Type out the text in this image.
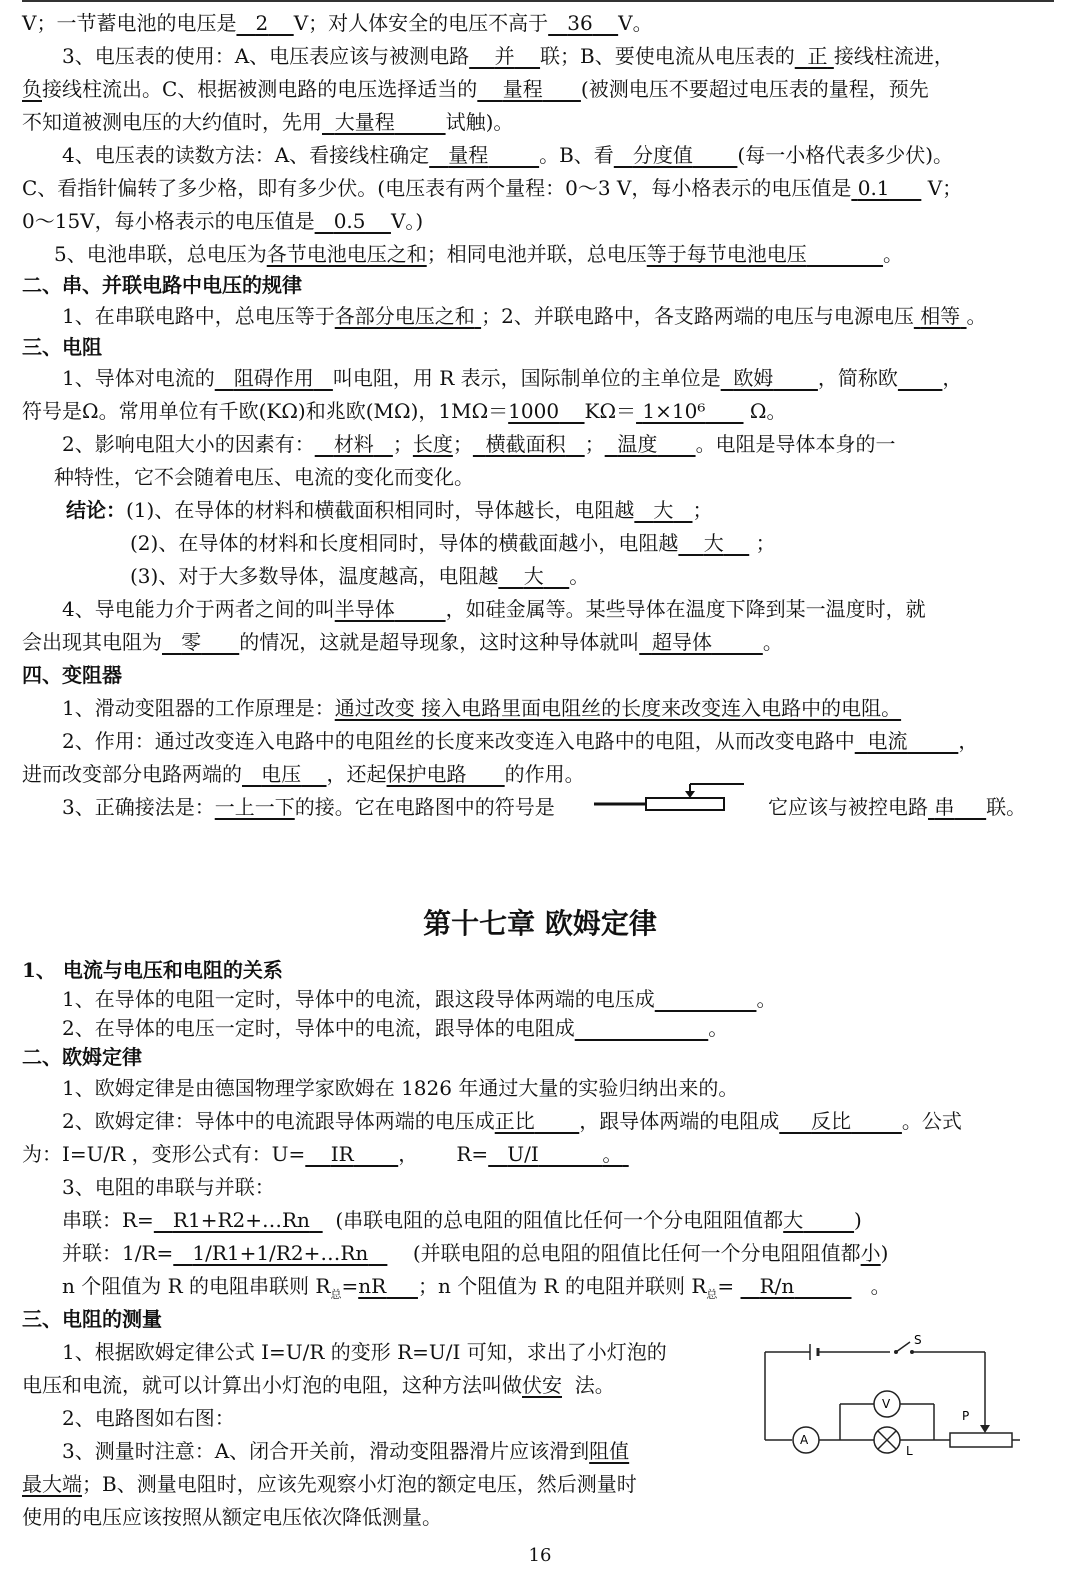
V；一节蓄电池的电压是 2 V；对人体安全的电压不高于 36 V。
3、电压表的使用：A、电压表应该与被测电路 并 联；B、要使电流从电压表的 正 接线柱流进，
负接线柱流出。C、根据被测电路的电压选择适当的 量程 (被测电压不要超过电压表的量程，预先
不知道被测电压的大约值时，先用 大量程	试触)。
4、电压表的读数方法：A、看接线柱确定 量程	。B、看 分度值 (每一小格代表多少伏)。
C、看指针偏转了多少格，即有多少伏。(电压表有两个量程：0～3 V，每小格表示的电压值是 0.1 V；
0～15V，每小格表示的电压值是 0.5 V。)
5、电池串联，总电压为各节电池电压之和；相同电池并联，总电压等于每节电池电压	。
二、串、并联电路中电压的规律
1、在串联电路中，总电压等于各部分电压之和 ；2、并联电路中，各支路两端的电压与电源电压 相等 。
三、电阻
1、导体对电流的 阻碍作用 叫电阻，用 R 表示，国际制单位的主单位是 欧姆 ，简称欧 ，
符号是Ω。常用单位有千欧(KΩ)和兆欧(MΩ)，1MΩ＝1000 KΩ＝ 1×10⁶ Ω。
2、影响电阻大小的因素有： 材料 ；长度； 横截面积 ； 温度 。电阻是导体本身的一
种特性，它不会随着电压、电流的变化而变化。
结论：(1)、在导体的材料和横截面积相同时，导体越长，电阻越 大 ；
(2)、在导体的材料和长度相同时，导体的横截面越小，电阻越 大 ；
(3)、对于大多数导体，温度越高，电阻越 大 。
4、导电能力介于两者之间的叫半导体	，如硅金属等。某些导体在温度下降到某一温度时，就
会出现其电阻为 零 的情况，这就是超导现象，这时这种导体就叫 超导体	。
四、变阻器
1、滑动变阻器的工作原理是：通过改变 接入电路里面电阻丝的长度来改变连入电路中的电阻。
2、作用：通过改变连入电路中的电阻丝的长度来改变连入电路中的电阻，从而改变电路中 电流	，
进而改变部分电路两端的 电压 ，还起保护电路 的作用。
3、正确接法是：一上一下的接。它在电路图中的符号是	它应该与被控电路 串 联。
第十七章 欧姆定律
1、 电流与电压和电阻的关系
1、在导体的电阻一定时，导体中的电流，跟这段导体两端的电压成	。
2、在导体的电压一定时，导体中的电流，跟导体的电阻成	。
二、欧姆定律
1、欧姆定律是由德国物理学家欧姆在 1826 年通过大量的实验归纳出来的。
2、欧姆定律：导体中的电流跟导体两端的电压成正比 ，跟导体两端的电阻成 反比	。公式
为：I=U/R ，变形公式有：U= IR ， R= U/I	。
3、电阻的串联与并联：
串联：R= R1+R2+…Rn (串联电阻的总电阻的阻值比任何一个分电阻阻值都大	)
并联：1/R= 1/R1+1/R2+…Rn (并联电阻的总电阻的阻值比任何一个分电阻阻值都小)
n 个阻值为 R 的电阻串联则 $R_总=nR$ ；n 个阻值为 R 的电阻并联则 $R_总= R/n$	。
三、电阻的测量
1、根据欧姆定律公式 I=U/R 的变形 R=U/I 可知，求出了小灯泡的
电压和电流，就可以计算出小灯泡的电阻，这种方法叫做伏安 法。
2、电路图如右图：
3、测量时注意：A、闭合开关前，滑动变阻器滑片应该滑到阻值
最大端；B、测量电阻时，应该先观察小灯泡的额定电压，然后测量时
使用的电压应该按照从额定电压依次降低测量。
S
A
L
P
V
16
